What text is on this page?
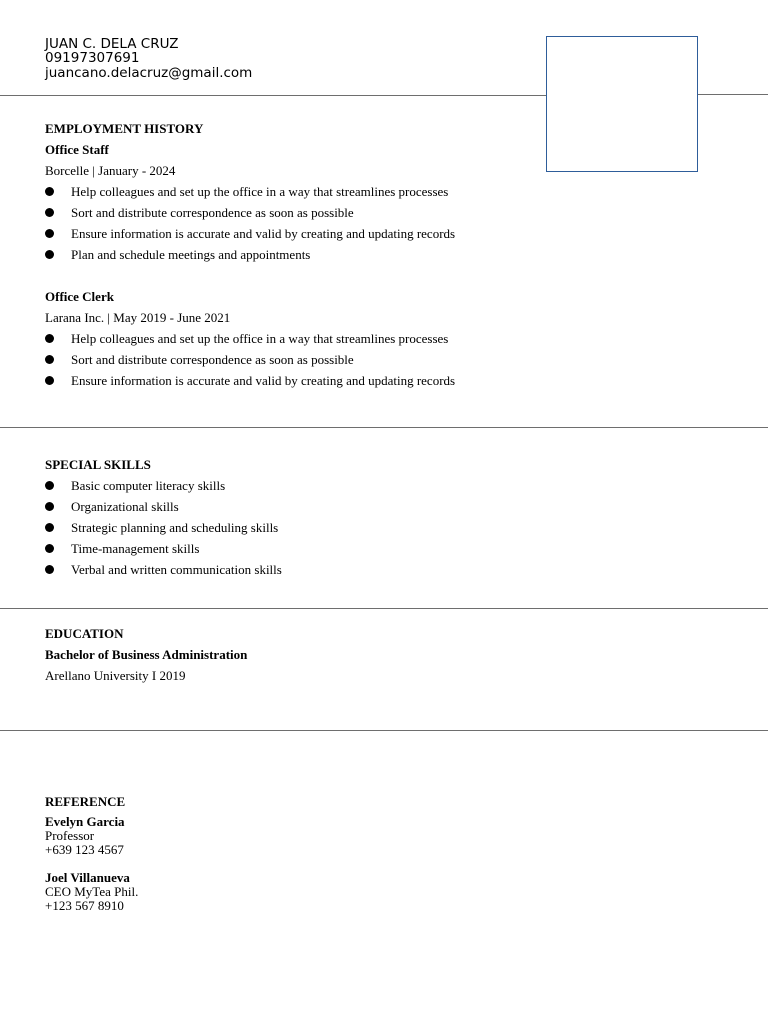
JUAN C. DELA CRUZ
09197307691
juancano.delacruz@gmail.com
EMPLOYMENT HISTORY
Office Staff
Borcelle | January - 2024
Help colleagues and set up the office in a way that streamlines processes
Sort and distribute correspondence as soon as possible
Ensure information is accurate and valid by creating and updating records
Plan and schedule meetings and appointments
Office Clerk
Larana Inc. | May 2019 - June 2021
Help colleagues and set up the office in a way that streamlines processes
Sort and distribute correspondence as soon as possible
Ensure information is accurate and valid by creating and updating records
SPECIAL SKILLS
Basic computer literacy skills
Organizational skills
Strategic planning and scheduling skills
Time-management skills
Verbal and written communication skills
EDUCATION
Bachelor of Business Administration
Arellano University I 2019
REFERENCE
Evelyn Garcia
Professor
+639 123 4567
Joel Villanueva
CEO MyTea Phil.
+123 567 8910
